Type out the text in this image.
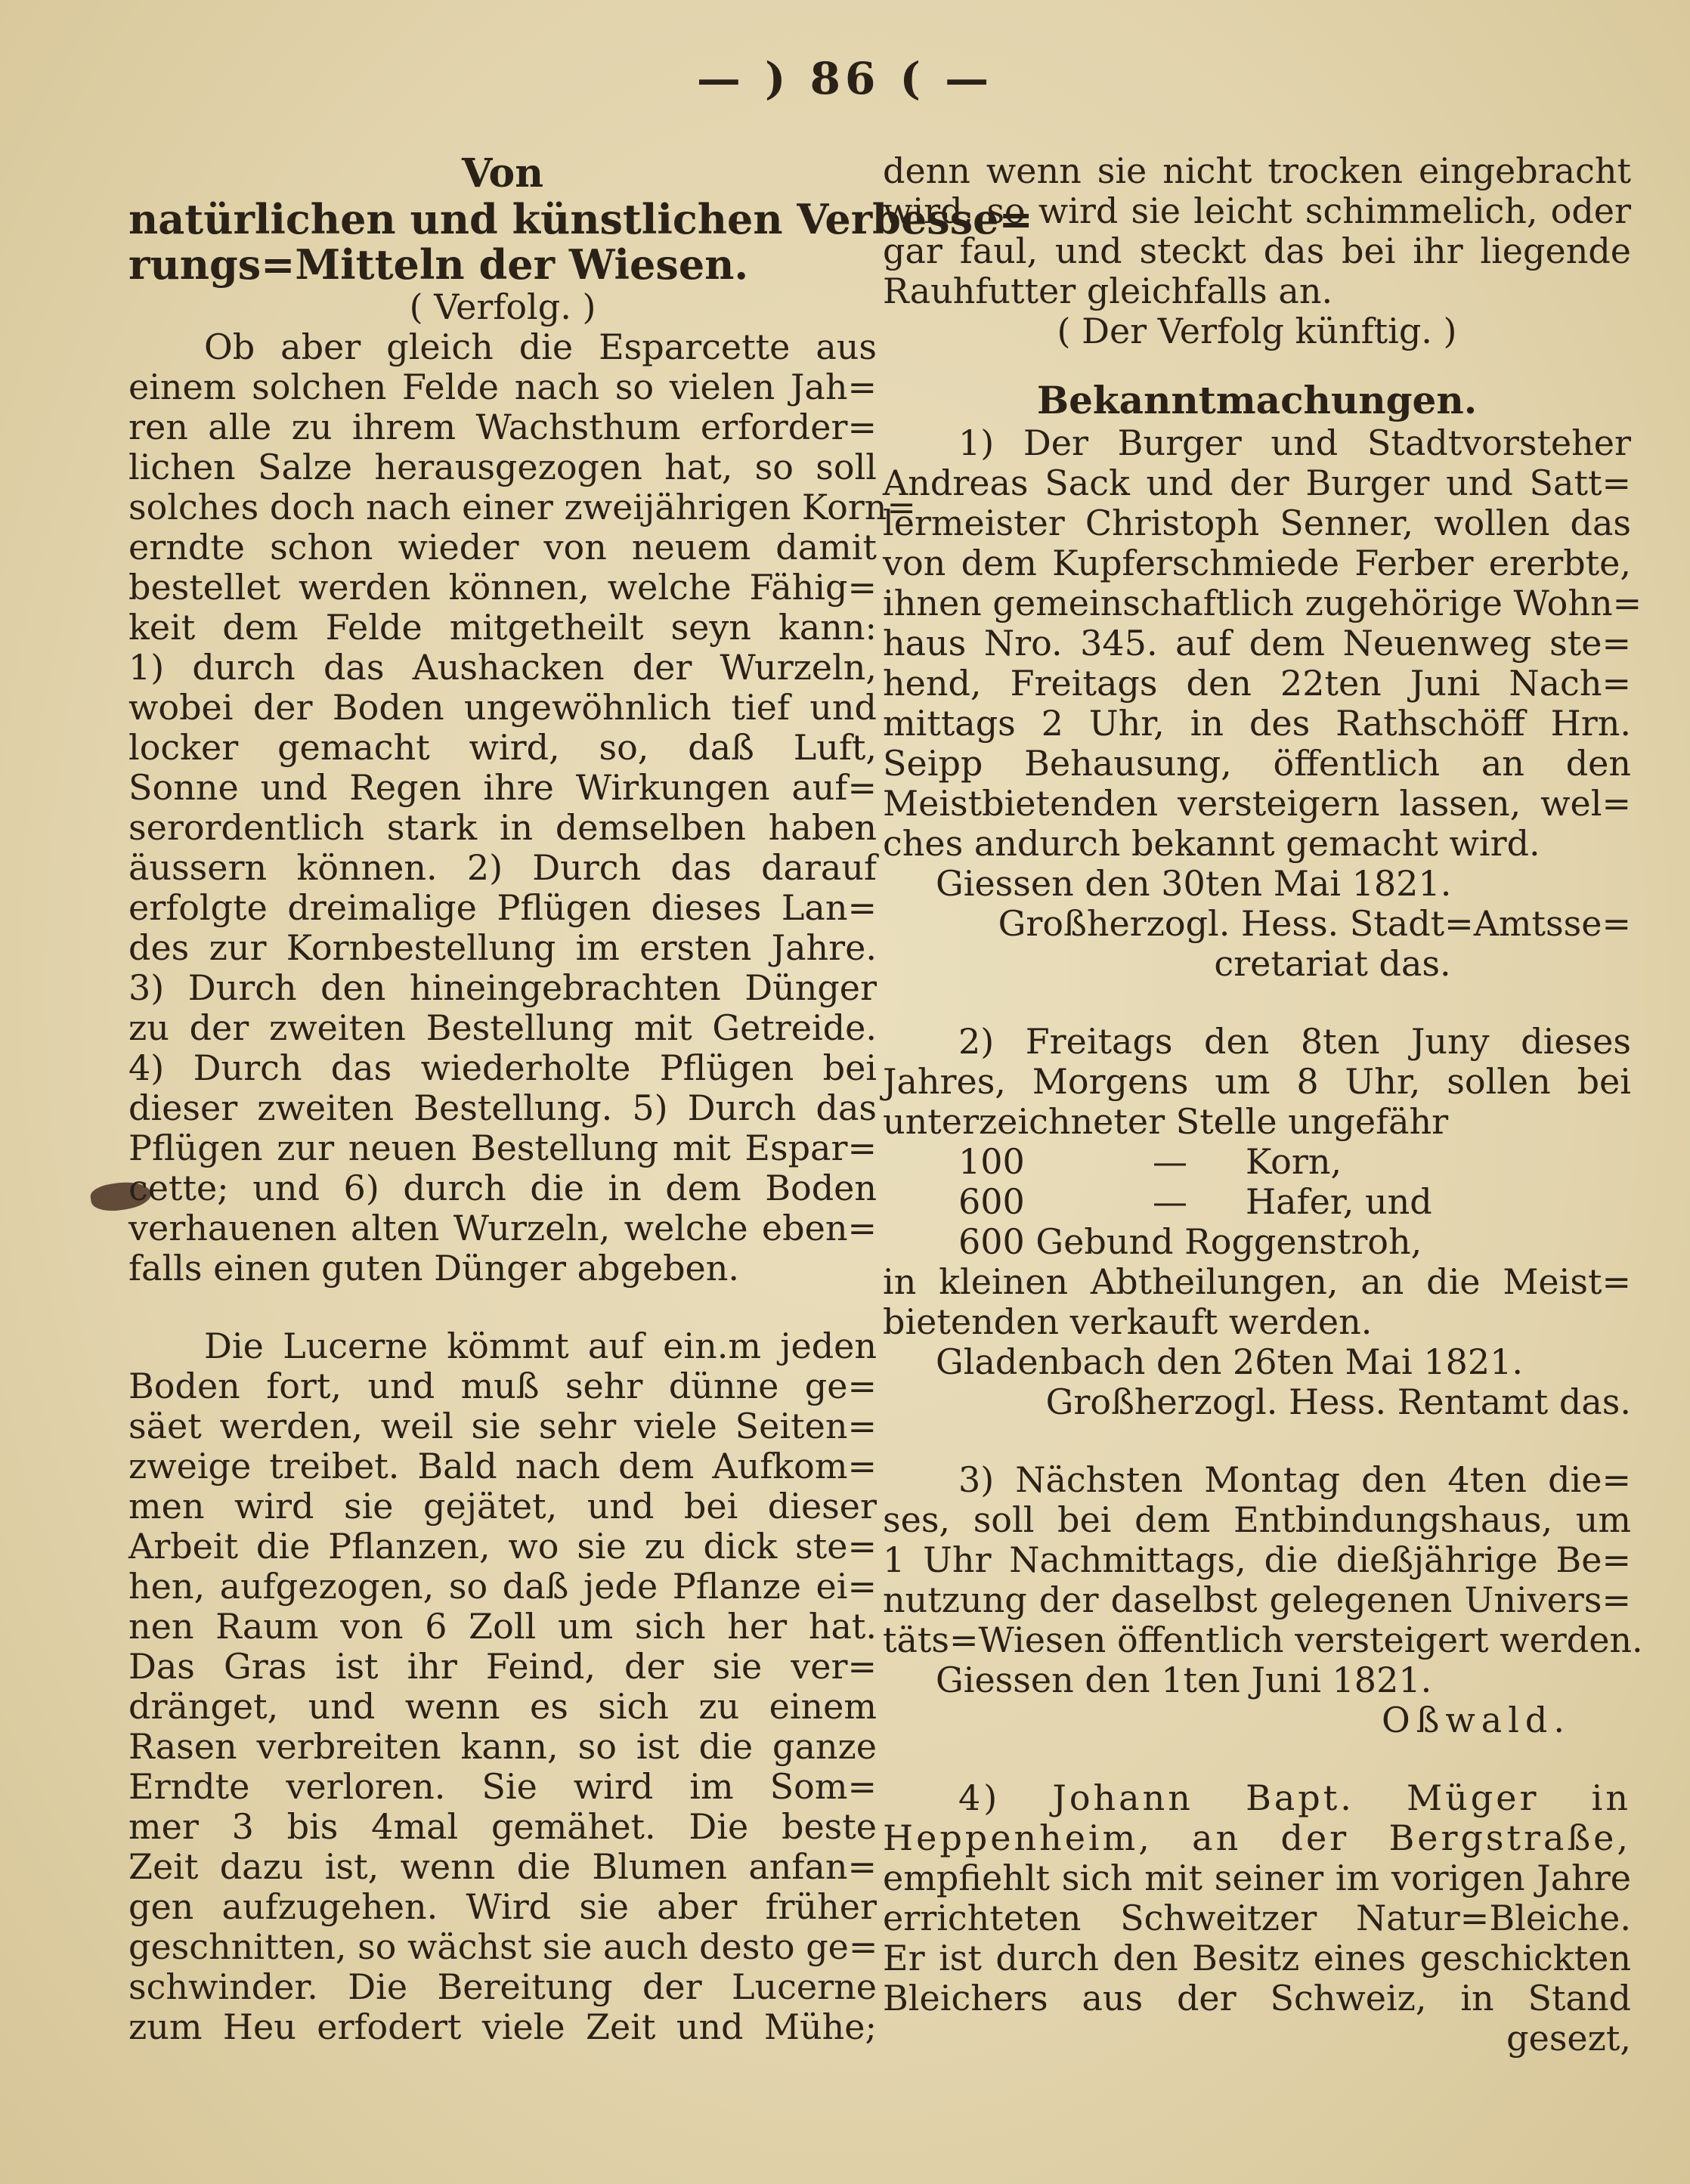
— ) 86 ( —
Von
natürlichen und künstlichen Verbesse=
rungs=Mitteln der Wiesen.
( Verfolg. )
Ob aber gleich die Esparcette aus
einem solchen Felde nach so vielen Jah=
ren alle zu ihrem Wachsthum erforder=
lichen Salze herausgezogen hat, so soll
solches doch nach einer zweijährigen Korn=
erndte schon wieder von neuem damit
bestellet werden können, welche Fähig=
keit dem Felde mitgetheilt seyn kann:
1) durch das Aushacken der Wurzeln,
wobei der Boden ungewöhnlich tief und
locker gemacht wird, so, daß Luft,
Sonne und Regen ihre Wirkungen auf=
serordentlich stark in demselben haben
äussern können. 2) Durch das darauf
erfolgte dreimalige Pflügen dieses Lan=
des zur Kornbestellung im ersten Jahre.
3) Durch den hineingebrachten Dünger
zu der zweiten Bestellung mit Getreide.
4) Durch das wiederholte Pflügen bei
dieser zweiten Bestellung. 5) Durch das
Pflügen zur neuen Bestellung mit Espar=
cette; und 6) durch die in dem Boden
verhauenen alten Wurzeln, welche eben=
falls einen guten Dünger abgeben.
Die Lucerne kömmt auf ein.m jeden
Boden fort, und muß sehr dünne ge=
säet werden, weil sie sehr viele Seiten=
zweige treibet. Bald nach dem Aufkom=
men wird sie gejätet, und bei dieser
Arbeit die Pflanzen, wo sie zu dick ste=
hen, aufgezogen, so daß jede Pflanze ei=
nen Raum von 6 Zoll um sich her hat.
Das Gras ist ihr Feind, der sie ver=
dränget, und wenn es sich zu einem
Rasen verbreiten kann, so ist die ganze
Erndte verloren. Sie wird im Som=
mer 3 bis 4mal gemähet. Die beste
Zeit dazu ist, wenn die Blumen anfan=
gen aufzugehen. Wird sie aber früher
geschnitten, so wächst sie auch desto ge=
schwinder. Die Bereitung der Lucerne
zum Heu erfodert viele Zeit und Mühe;
denn wenn sie nicht trocken eingebracht
wird, so wird sie leicht schimmelich, oder
gar faul, und steckt das bei ihr liegende
Rauhfutter gleichfalls an.
( Der Verfolg künftig. )
Bekanntmachungen.
1) Der Burger und Stadtvorsteher
Andreas Sack und der Burger und Satt=
lermeister Christoph Senner, wollen das
von dem Kupferschmiede Ferber ererbte,
ihnen gemeinschaftlich zugehörige Wohn=
haus Nro. 345. auf dem Neuenweg ste=
hend, Freitags den 22ten Juni Nach=
mittags 2 Uhr, in des Rathschöff Hrn.
Seipp Behausung, öffentlich an den
Meistbietenden versteigern lassen, wel=
ches andurch bekannt gemacht wird.
Giessen den 30ten Mai 1821.
Großherzogl. Hess. Stadt=Amtsse=
cretariat das.
2) Freitags den 8ten Juny dieses
Jahres, Morgens um 8 Uhr, sollen bei
unterzeichneter Stelle ungefähr
100	—	Korn,
600	—	Hafer, und
600 Gebund Roggenstroh,
in kleinen Abtheilungen, an die Meist=
bietenden verkauft werden.
Gladenbach den 26ten Mai 1821.
Großherzogl. Hess. Rentamt das.
3) Nächsten Montag den 4ten die=
ses, soll bei dem Entbindungshaus, um
1 Uhr Nachmittags, die dießjährige Be=
nutzung der daselbst gelegenen Univers=
täts=Wiesen öffentlich versteigert werden.
Giessen den 1ten Juni 1821.
Oßwald.
4) Johann Bapt. Müger in
Heppenheim, an der Bergstraße,
empfiehlt sich mit seiner im vorigen Jahre
errichteten Schweitzer Natur=Bleiche.
Er ist durch den Besitz eines geschickten
Bleichers aus der Schweiz, in Stand
gesezt,
